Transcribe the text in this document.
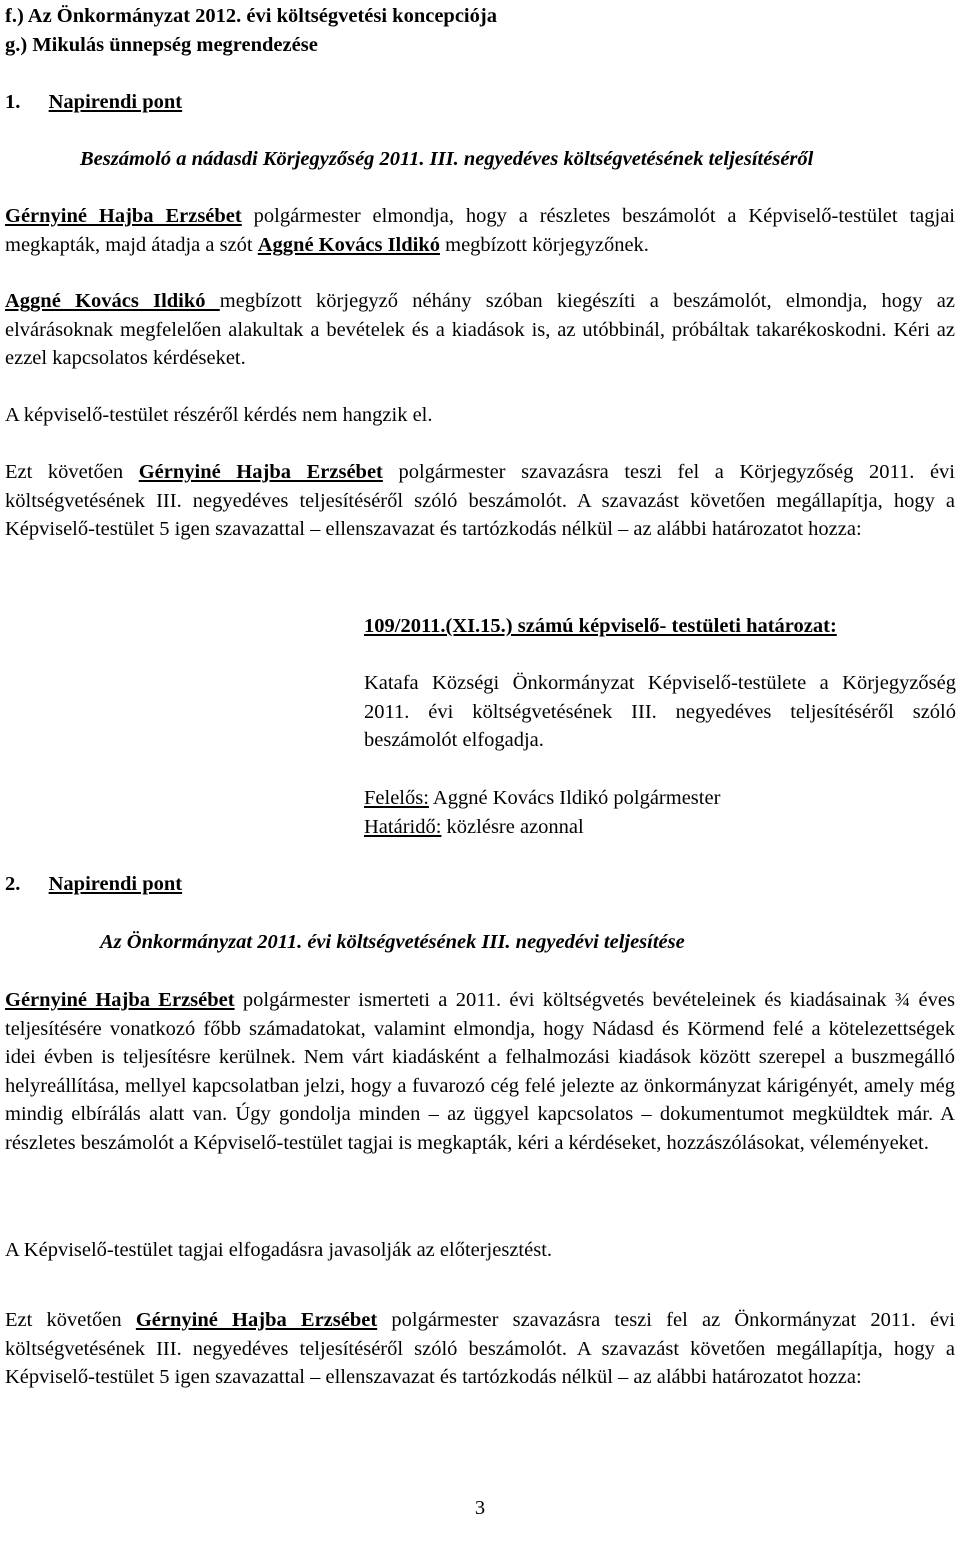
f.) Az Önkormányzat 2012. évi költségvetési koncepciója

g.) Mikulás ünnepség megrendezése

1. Napirendi pont
Beszámoló a nádasdi Körjegyzőség 2011. III. negyedéves költségvetésének teljesítéséről

Gérnyiné Hajba Erzsébet polgármester elmondja, hogy a részletes beszámolót a Képviselő-testület tagjai megkapták, majd átadja a szót Aggné Kovács Ildikó megbízott körjegyzőnek.

Aggné Kovács Ildikó megbízott körjegyző néhány szóban kiegészíti a beszámolót, elmondja, hogy az elvárásoknak megfelelően alakultak a bevételek és a kiadások is, az utóbbinál, próbáltak takarékoskodni. Kéri az ezzel kapcsolatos kérdéseket.

A képviselő-testület részéről kérdés nem hangzik el.

Ezt követően Gérnyiné Hajba Erzsébet polgármester szavazásra teszi fel a Körjegyzőség 2011. évi költségvetésének III. negyedéves teljesítéséről szóló beszámolót. A szavazást követően megállapítja, hogy a Képviselő-testület 5 igen szavazattal – ellenszavazat és tartózkodás nélkül – az alábbi határozatot hozza:

109/2011.(XI.15.) számú képviselő- testületi határozat:

Katafa Községi Önkormányzat Képviselő-testülete a Körjegyzőség 2011. évi költségvetésének III. negyedéves teljesítéséről szóló beszámolót elfogadja.

Felelős: Aggné Kovács Ildikó polgármester

Határidő: közlésre azonnal

2. Napirendi pont
Az Önkormányzat 2011. évi költségvetésének III. negyedévi teljesítése

Gérnyiné Hajba Erzsébet polgármester ismerteti a 2011. évi költségvetés bevételeinek és kiadásainak ¾ éves teljesítésére vonatkozó főbb számadatokat, valamint elmondja, hogy Nádasd és Körmend felé a kötelezettségek idei évben is teljesítésre kerülnek. Nem várt kiadásként a felhalmozási kiadások között szerepel a buszmegálló helyreállítása, mellyel kapcsolatban jelzi, hogy a fuvarozó cég felé jelezte az önkormányzat kárigényét, amely még mindig elbírálás alatt van. Úgy gondolja minden – az üggyel kapcsolatos – dokumentumot megküldtek már. A részletes beszámolót a Képviselő-testület tagjai is megkapták, kéri a kérdéseket, hozzászólásokat, véleményeket.

A Képviselő-testület tagjai elfogadásra javasolják az előterjesztést.

Ezt követően Gérnyiné Hajba Erzsébet polgármester szavazásra teszi fel az Önkormányzat 2011. évi költségvetésének III. negyedéves teljesítéséről szóló beszámolót. A szavazást követően megállapítja, hogy a Képviselő-testület 5 igen szavazattal – ellenszavazat és tartózkodás nélkül – az alábbi határozatot hozza:

3
